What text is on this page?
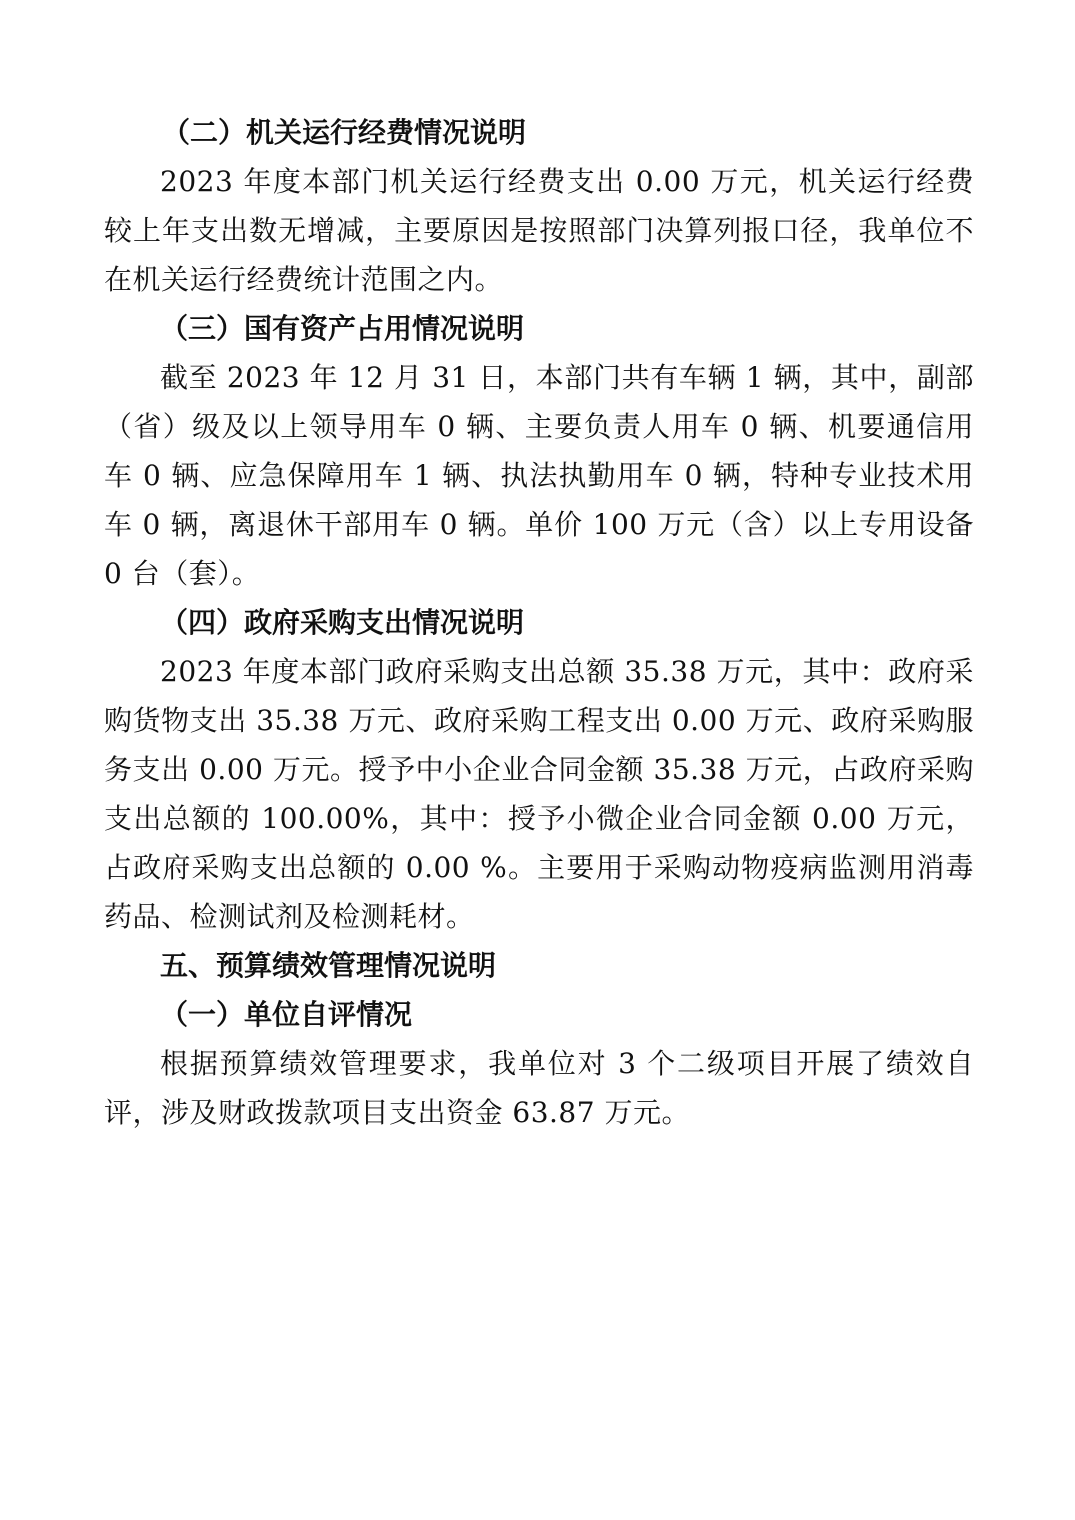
（二）机关运行经费情况说明

2023 年度本部门机关运行经费支出 0.00 万元，机关运行经费较上年支出数无增减，主要原因是按照部门决算列报口径，我单位不在机关运行经费统计范围之内。

（三）国有资产占用情况说明

截至 2023 年 12 月 31 日，本部门共有车辆 1 辆，其中，副部（省）级及以上领导用车 0 辆、主要负责人用车 0 辆、机要通信用车 0 辆、应急保障用车 1 辆、执法执勤用车 0 辆，特种专业技术用车 0 辆，离退休干部用车 0 辆。单价 100 万元（含）以上专用设备 0 台（套）。

（四）政府采购支出情况说明

2023 年度本部门政府采购支出总额 35.38 万元，其中：政府采购货物支出 35.38 万元、政府采购工程支出 0.00 万元、政府采购服务支出 0.00 万元。授予中小企业合同金额 35.38 万元，占政府采购支出总额的 100.00%，其中：授予小微企业合同金额 0.00 万元，占政府采购支出总额的 0.00 %。主要用于采购动物疫病监测用消毒药品、检测试剂及检测耗材。

五、预算绩效管理情况说明

（一）单位自评情况

根据预算绩效管理要求，我单位对 3 个二级项目开展了绩效自评，涉及财政拨款项目支出资金 63.87 万元。
